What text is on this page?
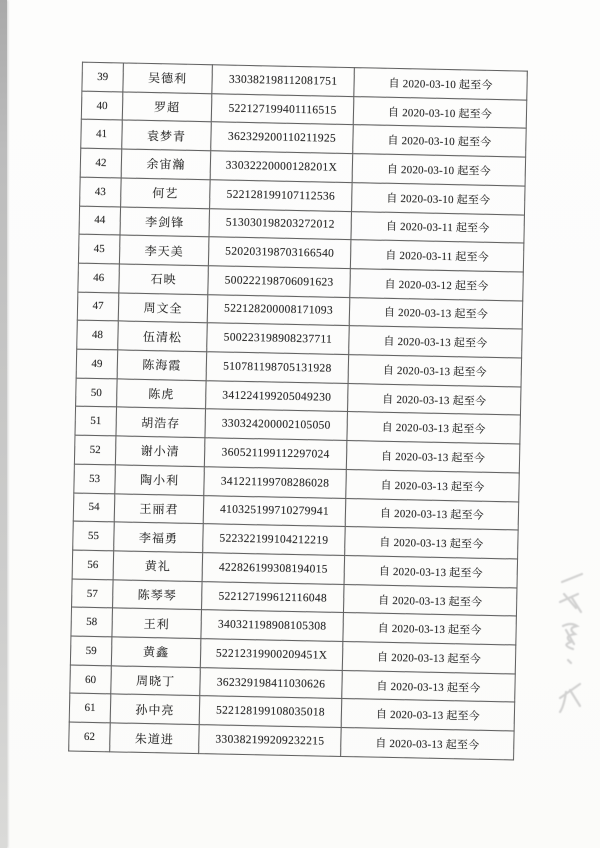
39	吴德利	330382198112081751	自 2020-03-10 起至今
40	罗超	522127199401116515	自 2020-03-10 起至今
41	袁梦青	362329200110211925	自 2020-03-10 起至今
42	余宙瀚	33032220000128201X	自 2020-03-10 起至今
43	何艺	522128199107112536	自 2020-03-10 起至今
44	李剑锋	513030198203272012	自 2020-03-11 起至今
45	李天美	520203198703166540	自 2020-03-11 起至今
46	石映	500222198706091623	自 2020-03-12 起至今
47	周文全	522128200008171093	自 2020-03-13 起至今
48	伍清松	500223198908237711	自 2020-03-13 起至今
49	陈海霞	510781198705131928	自 2020-03-13 起至今
50	陈虎	341224199205049230	自 2020-03-13 起至今
51	胡浩存	330324200002105050	自 2020-03-13 起至今
52	谢小清	360521199112297024	自 2020-03-13 起至今
53	陶小利	341221199708286028	自 2020-03-13 起至今
54	王丽君	410325199710279941	自 2020-03-13 起至今
55	李福勇	522322199104212219	自 2020-03-13 起至今
56	黄礼	422826199308194015	自 2020-03-13 起至今
57	陈琴琴	522127199612116048	自 2020-03-13 起至今
58	王利	340321198908105308	自 2020-03-13 起至今
59	黄鑫	52212319900209451X	自 2020-03-13 起至今
60	周晓丁	362329198411030626	自 2020-03-13 起至今
61	孙中亮	522128199108035018	自 2020-03-13 起至今
62	朱道进	330382199209232215	自 2020-03-13 起至今
